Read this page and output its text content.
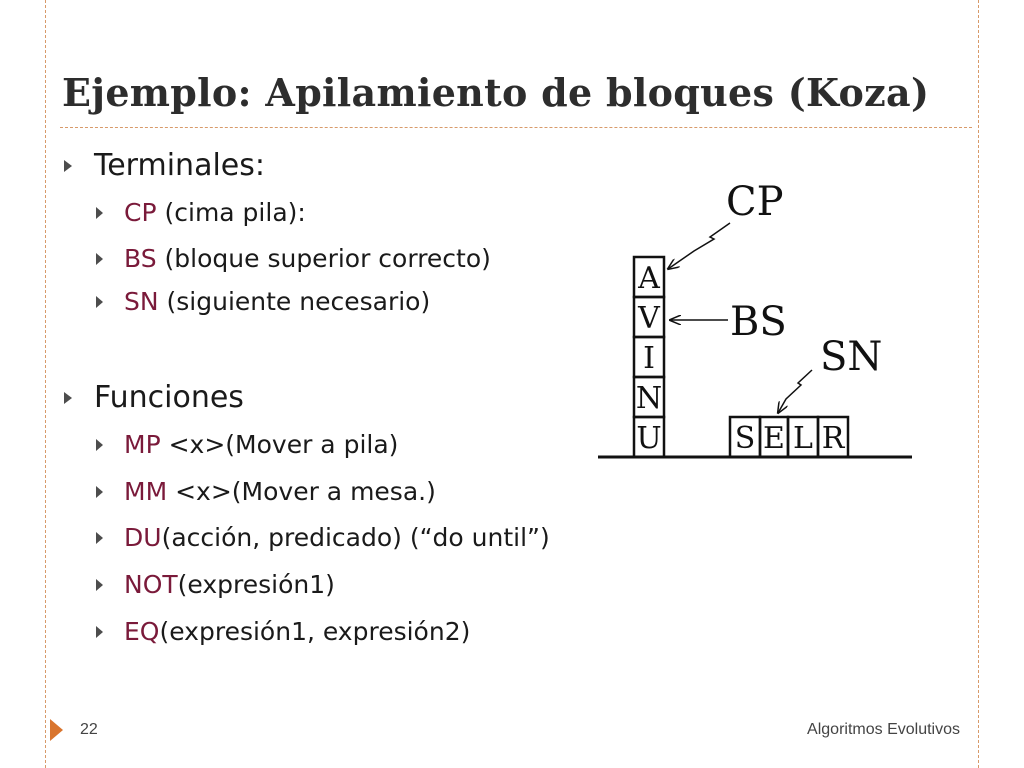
Ejemplo: Apilamiento de bloques (Koza)
Terminales:
CP (cima pila):
BS (bloque superior correcto)
SN (siguiente necesario)
Funciones
MP <x>(Mover a pila)
MM <x>(Mover a mesa.)
DU(acción, predicado) (“do until”)
NOT(expresión1)
EQ(expresión1, expresión2)
A
V
I
N
U S E L R
CP
BS
SN
22	Algoritmos Evolutivos
